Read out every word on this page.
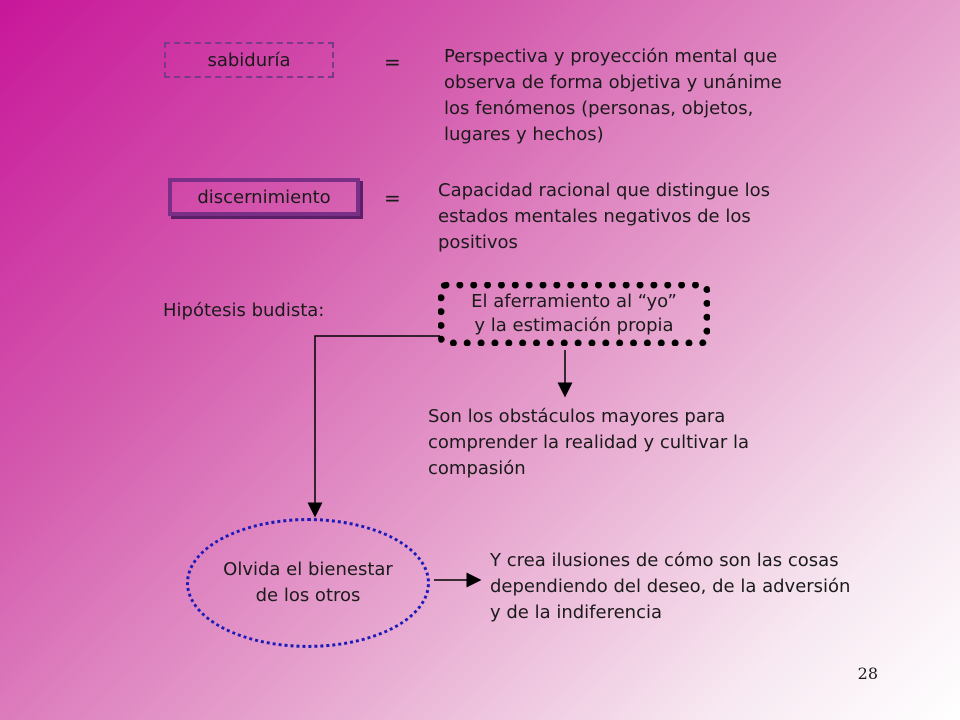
sabiduría	= Perspectiva y proyección mental que
observa de forma objetiva y unánime
los fenómenos (personas, objetos,
lugares y hechos)
discernimiento	= Capacidad racional que distingue los
estados mentales negativos de los
positivos
Hipótesis budista:	El aferramiento al “yo”
y la estimación propia
Son los obstáculos mayores para
comprender la realidad y cultivar la
compasión
Olvida el bienestar
de los otros
Y crea ilusiones de cómo son las cosas
dependiendo del deseo, de la adversión
y de la indiferencia
28
